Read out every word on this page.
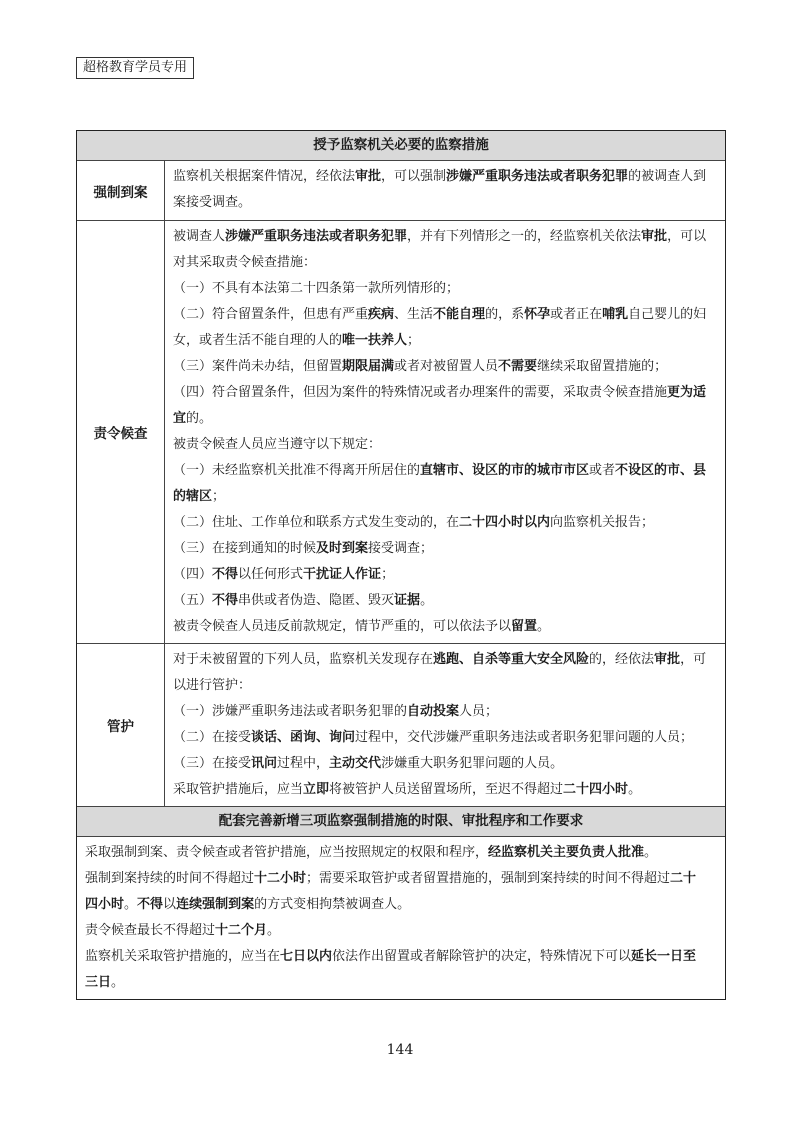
超格教育学员专用
授予监察机关必要的监察措施
强制到案
监察机关根据案件情况，经依法审批，可以强制涉嫌严重职务违法或者职务犯罪的被调查人到
案接受调查。
责令候查
被调查人涉嫌严重职务违法或者职务犯罪，并有下列情形之一的，经监察机关依法审批，可以
对其采取责令候查措施：
（一）不具有本法第二十四条第一款所列情形的；
（二）符合留置条件，但患有严重疾病、生活不能自理的，系怀孕或者正在哺乳自己婴儿的妇
女，或者生活不能自理的人的唯一扶养人；
（三）案件尚未办结，但留置期限届满或者对被留置人员不需要继续采取留置措施的；
（四）符合留置条件，但因为案件的特殊情况或者办理案件的需要，采取责令候查措施更为适
宜的。
被责令候查人员应当遵守以下规定：
（一）未经监察机关批准不得离开所居住的直辖市、设区的市的城市市区或者不设区的市、县
的辖区；
（二）住址、工作单位和联系方式发生变动的，在二十四小时以内向监察机关报告；
（三）在接到通知的时候及时到案接受调查；
（四）不得以任何形式干扰证人作证；
（五）不得串供或者伪造、隐匿、毁灭证据。
被责令候查人员违反前款规定，情节严重的，可以依法予以留置。
管护
对于未被留置的下列人员，监察机关发现存在逃跑、自杀等重大安全风险的，经依法审批，可
以进行管护：
（一）涉嫌严重职务违法或者职务犯罪的自动投案人员；
（二）在接受谈话、函询、询问过程中，交代涉嫌严重职务违法或者职务犯罪问题的人员；
（三）在接受讯问过程中，主动交代涉嫌重大职务犯罪问题的人员。
采取管护措施后，应当立即将被管护人员送留置场所，至迟不得超过二十四小时。
配套完善新增三项监察强制措施的时限、审批程序和工作要求
采取强制到案、责令候查或者管护措施，应当按照规定的权限和程序，经监察机关主要负责人批准。
强制到案持续的时间不得超过十二小时；需要采取管护或者留置措施的，强制到案持续的时间不得超过二十
四小时。不得以连续强制到案的方式变相拘禁被调查人。
责令候查最长不得超过十二个月。
监察机关采取管护措施的，应当在七日以内依法作出留置或者解除管护的决定，特殊情况下可以延长一日至
三日。
144
